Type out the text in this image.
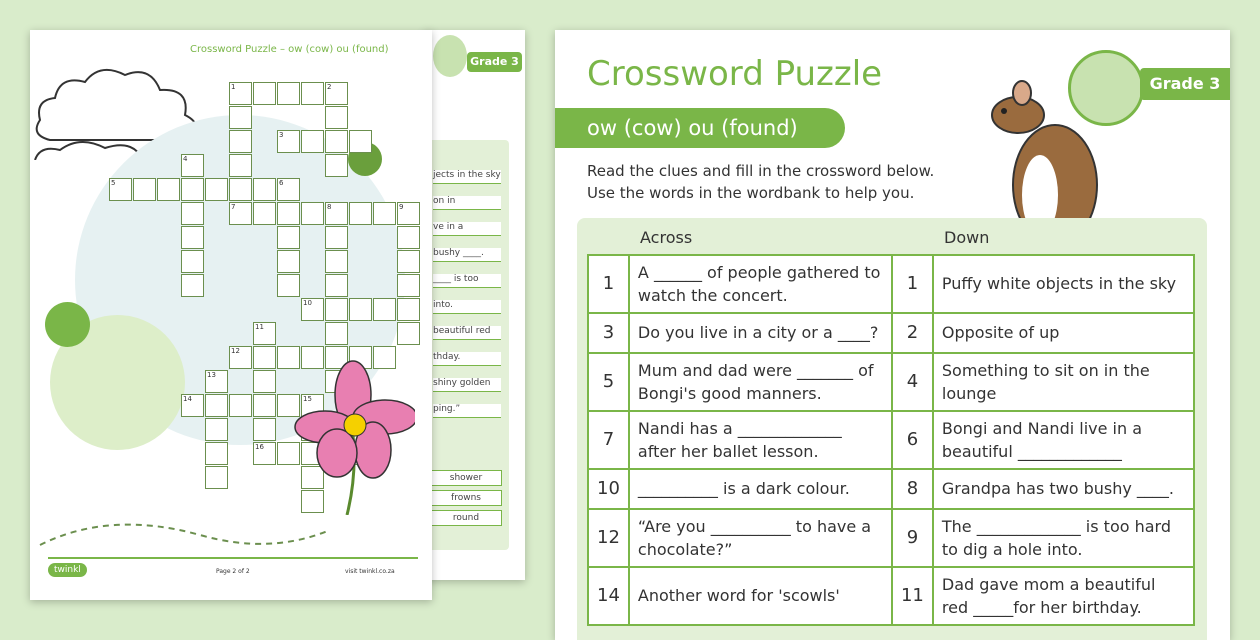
Grade 3
jects in the sky
on in
ve in a
bushy ____.
____ is too
into.
beautiful red
thday.
shiny golden
ping.”
shower
frowns
round
Crossword Puzzle – ow (cow) ou (found)
1	2
3
4
5	6
7	8	9
10
11
12
13
14	15
16
twinkl	Page 2 of 2	visit twinkl.co.za
Crossword Puzzle
ow (cow) ou (found)
Read the clues and fill in the crossword below.
Use the words in the wordbank to help you.
Grade 3
Across	Down
1	A ______ of people gathered to watch the concert.	1	Puffy white objects in the sky
3	Do you live in a city or a ____?	2	Opposite of up
5	Mum and dad were _______ of Bongi's good manners.	4	Something to sit on in the lounge
7	Nandi has a _____________ after her ballet lesson.	6	Bongi and Nandi live in a beautiful _____________
10	__________ is a dark colour.	8	Grandpa has two bushy ____.
12	“Are you __________ to have a chocolate?”	9	The _____________ is too hard to dig a hole into.
14	Another word for 'scowls'	11	Dad gave mom a beautiful red _____for her birthday.
